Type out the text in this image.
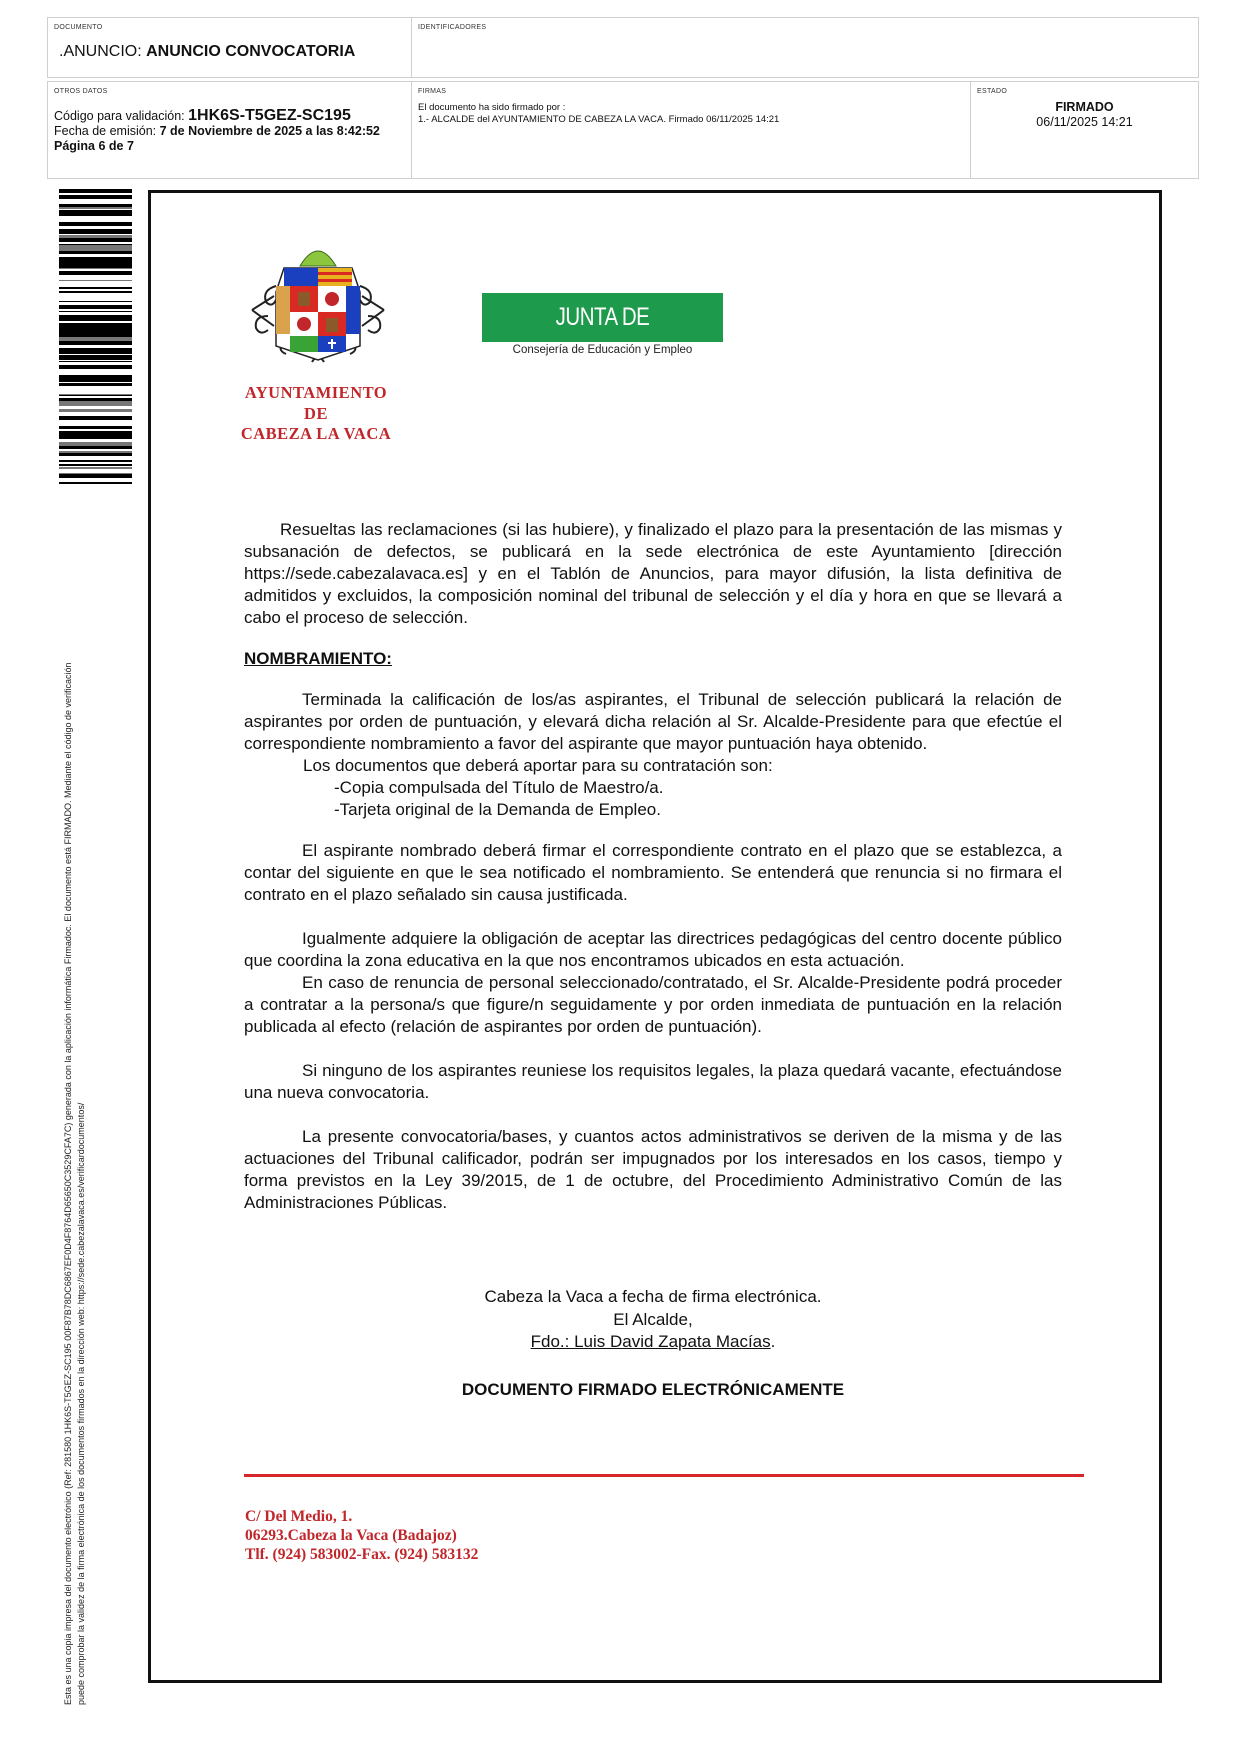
DOCUMENTO
.ANUNCIO: ANUNCIO CONVOCATORIA
IDENTIFICADORES
OTROS DATOS
Código para validación: 1HK6S-T5GEZ-SC195
Fecha de emisión: 7 de Noviembre de 2025 a las 8:42:52
Página 6 de 7
FIRMAS
El documento ha sido firmado por :
1.- ALCALDE del AYUNTAMIENTO DE CABEZA LA VACA. Firmado 06/11/2025 14:21
ESTADO
FIRMADO
06/11/2025 14:21
Esta es una copia impresa del documento electrónico (Ref: 281580 1HK6S-T5GEZ-SC195 00F87B78DC6867EF0D4F8764D65650C3529CFA7C) generada con la aplicación informática Firmadoc. El documento está FIRMADO. Mediante el código de verificación puede comprobar la validez de la firma electrónica de los documentos firmados en la dirección web: https://sede.cabezalavaca.es/verificardocumentos/
AYUNTAMIENTO
DE
CABEZA LA VACA
JUNTA DE EXTREMADURA
Consejería de Educación y Empleo

Resueltas las reclamaciones (si las hubiere), y finalizado el plazo para la presentación de las mismas y subsanación de defectos, se publicará en la sede electrónica de este Ayuntamiento [dirección https://sede.cabezalavaca.es] y en el Tablón de Anuncios, para mayor difusión, la lista definitiva de admitidos y excluidos, la composición nominal del tribunal de selección y el día y hora en que se llevará a cabo el proceso de selección.

NOMBRAMIENTO:

Terminada la calificación de los/as aspirantes, el Tribunal de selección publicará la relación de aspirantes por orden de puntuación, y elevará dicha relación al Sr. Alcalde-Presidente para que efectúe el correspondiente nombramiento a favor del aspirante que mayor puntuación haya obtenido.

Los documentos que deberá aportar para su contratación son:

-Copia compulsada del Título de Maestro/a.

-Tarjeta original de la Demanda de Empleo.

El aspirante nombrado deberá firmar el correspondiente contrato en el plazo que se establezca, a contar del siguiente en que le sea notificado el nombramiento. Se entenderá que renuncia si no firmara el contrato en el plazo señalado sin causa justificada.

Igualmente adquiere la obligación de aceptar las directrices pedagógicas del centro docente público que coordina la zona educativa en la que nos encontramos ubicados en esta actuación.

En caso de renuncia de personal seleccionado/contratado, el Sr. Alcalde-Presidente podrá proceder a contratar a la persona/s que figure/n seguidamente y por orden inmediata de puntuación en la relación publicada al efecto (relación de aspirantes por orden de puntuación).

Si ninguno de los aspirantes reuniese los requisitos legales, la plaza quedará vacante, efectuándose una nueva convocatoria.

La presente convocatoria/bases, y cuantos actos administrativos se deriven de la misma y de las actuaciones del Tribunal calificador, podrán ser impugnados por los interesados en los casos, tiempo y forma previstos en la Ley 39/2015, de 1 de octubre, del Procedimiento Administrativo Común de las Administraciones Públicas.

Cabeza la Vaca a fecha de firma electrónica.
El Alcalde,
Fdo.: Luis David Zapata Macías.
DOCUMENTO FIRMADO ELECTRÓNICAMENTE
C/ Del Medio, 1.
06293.Cabeza la Vaca (Badajoz)
Tlf. (924) 583002-Fax. (924) 583132
